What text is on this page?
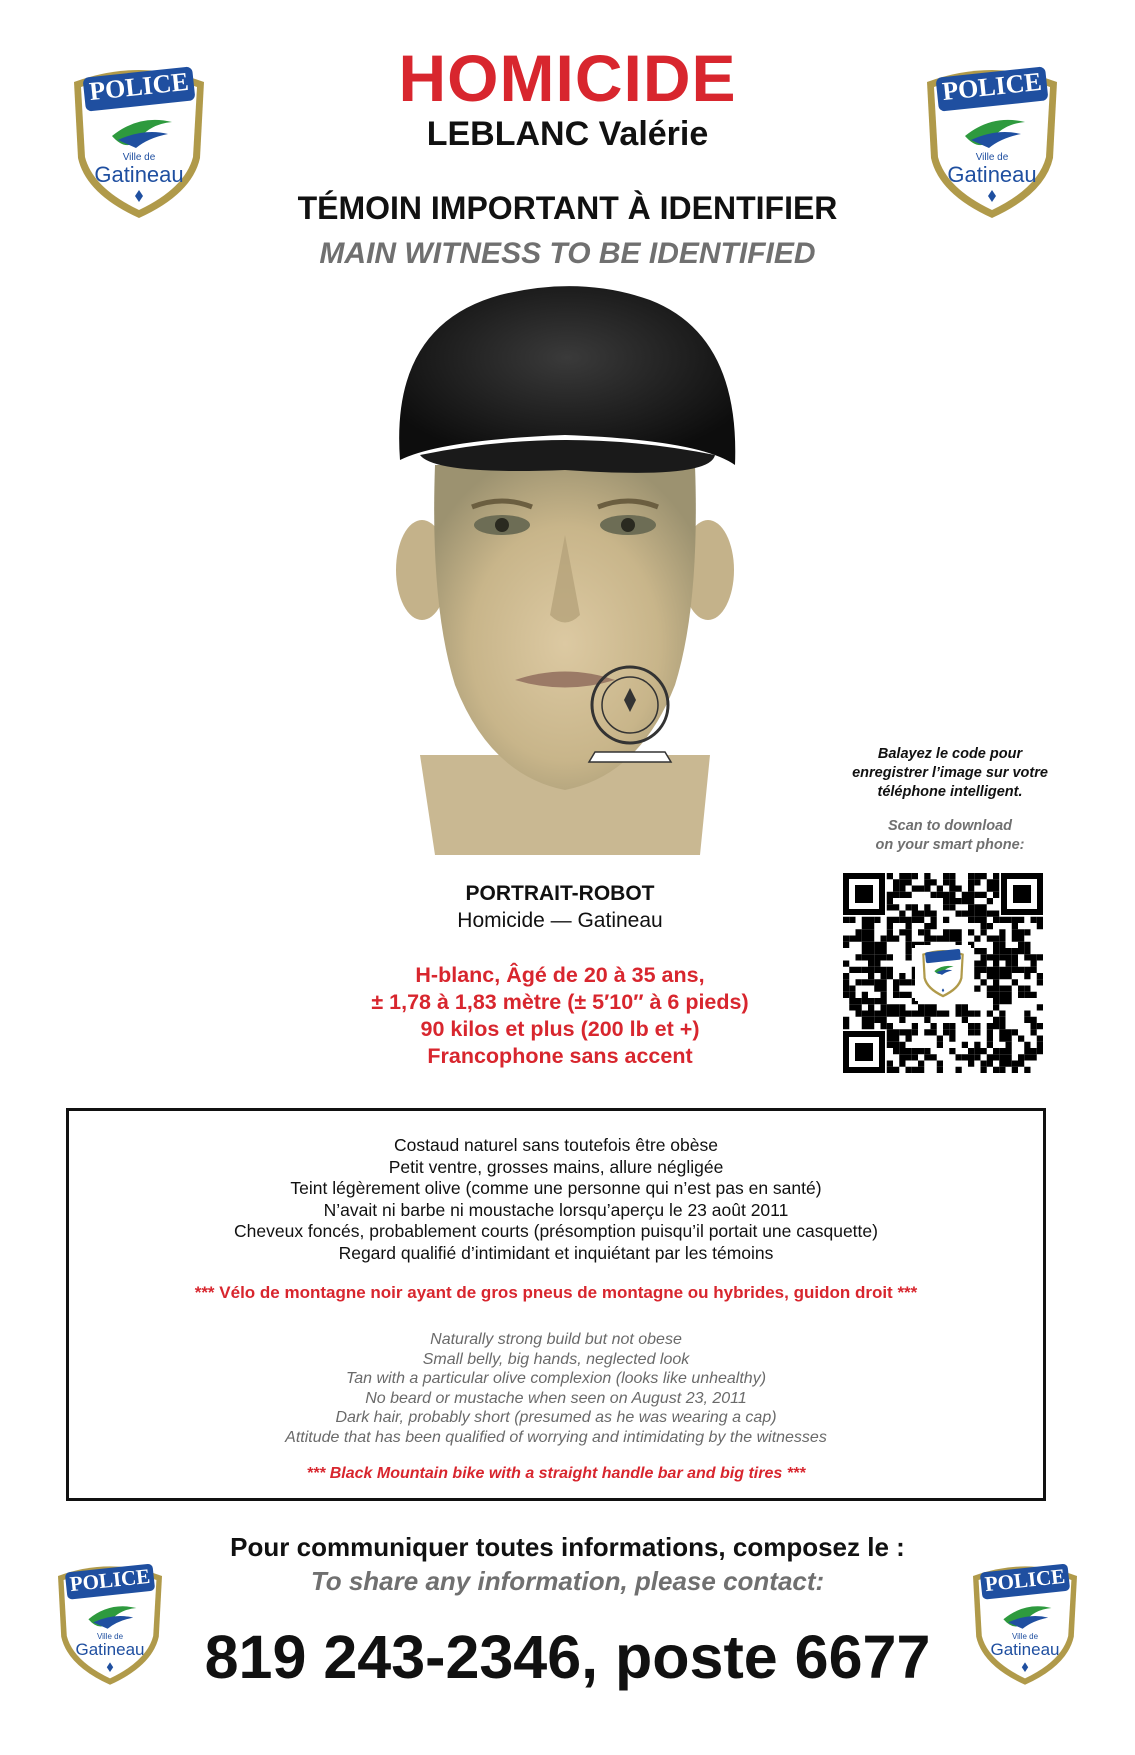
POLICE
Ville de
Gatineau
POLICE
Ville de
Gatineau
POLICE
Ville de
Gatineau
POLICE
Ville de
Gatineau
HOMICIDE
LEBLANC Valérie
TÉMOIN IMPORTANT À IDENTIFIER
MAIN WITNESS TO BE IDENTIFIED
Balayez le code pour
enregistrer l’image sur votre
téléphone intelligent.
Scan to download
on your smart phone:
PORTRAIT-ROBOT
Homicide — Gatineau
H-blanc, Âgé de 20 à 35 ans,
± 1,78 à 1,83 mètre (± 5′10″ à 6 pieds)
90 kilos et plus (200 lb et +)
Francophone sans accent
Costaud naturel sans toutefois être obèse
Petit ventre, grosses mains, allure négligée
Teint légèrement olive (comme une personne qui n’est pas en santé)
N’avait ni barbe ni moustache lorsqu’aperçu le 23 août 2011
Cheveux foncés, probablement courts (présomption puisqu’il portait une casquette)
Regard qualifié d’intimidant et inquiétant par les témoins
*** Vélo de montagne noir ayant de gros pneus de montagne ou hybrides, guidon droit ***
Naturally strong build but not obese
Small belly, big hands, neglected look
Tan with a particular olive complexion (looks like unhealthy)
No beard or mustache when seen on August 23, 2011
Dark hair, probably short (presumed as he was wearing a cap)
Attitude that has been qualified of worrying and intimidating by the witnesses
*** Black Mountain bike with a straight handle bar and big tires ***
Pour communiquer toutes informations, composez le :
To share any information, please contact:
819 243-2346, poste 6677
